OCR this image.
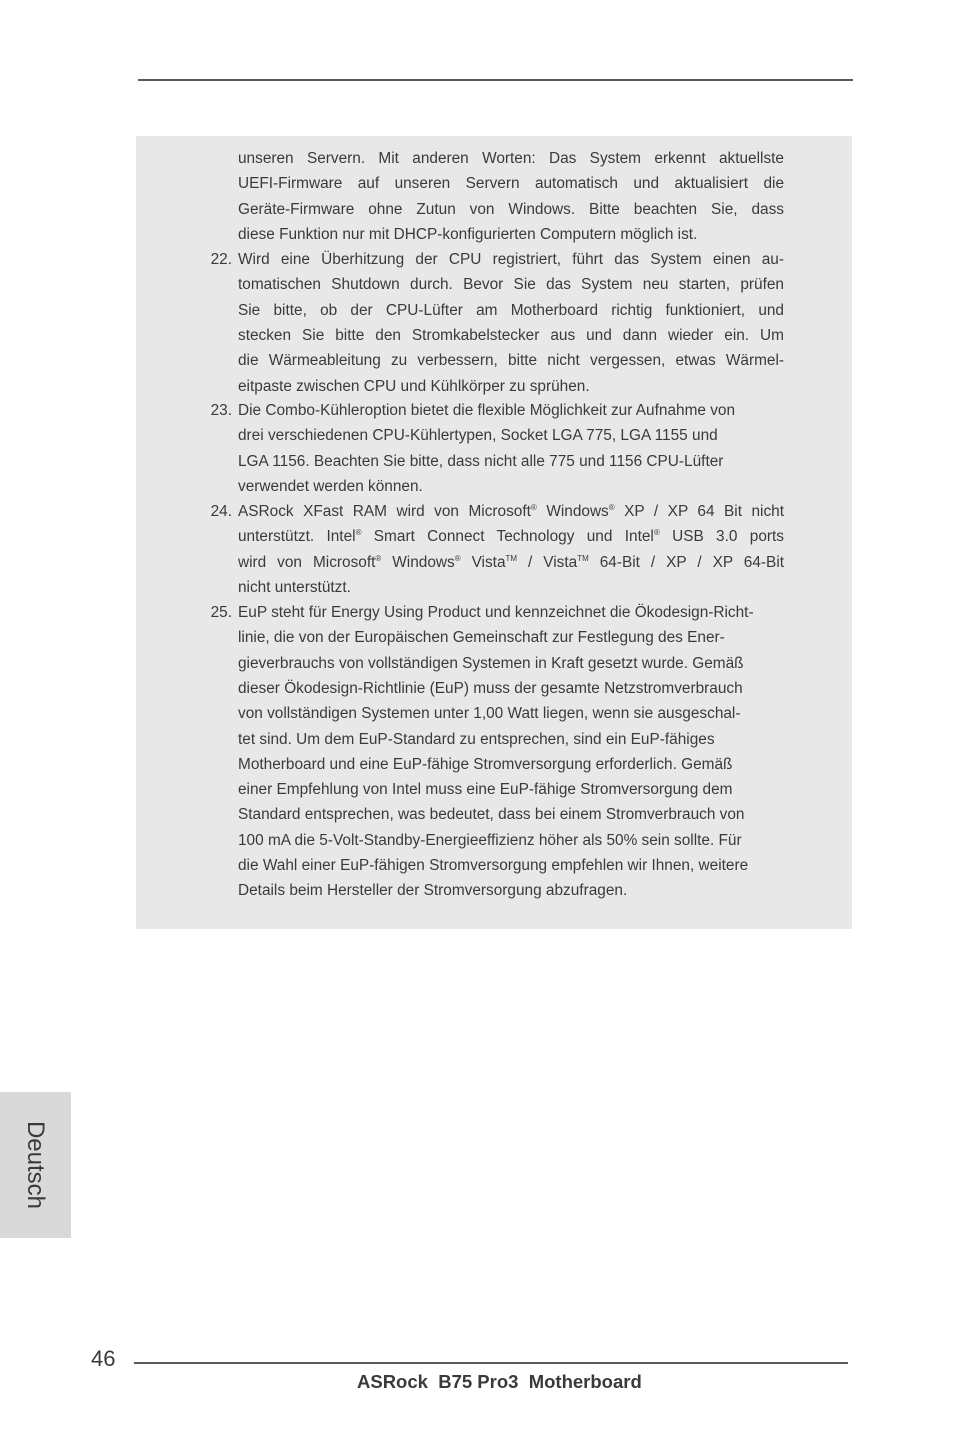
unseren Servern. Mit anderen Worten: Das System erkennt aktuellste
UEFI-Firmware auf unseren Servern automatisch und aktualisiert die
Geräte-Firmware ohne Zutun von Windows. Bitte beachten Sie, dass
diese Funktion nur mit DHCP-konfigurierten Computern möglich ist.
22. Wird eine Überhitzung der CPU registriert, führt das System einen au-
tomatischen Shutdown durch. Bevor Sie das System neu starten, prüfen
Sie bitte, ob der CPU-Lüfter am Motherboard richtig funktioniert, und
stecken Sie bitte den Stromkabelstecker aus und dann wieder ein. Um
die Wärmeableitung zu verbessern, bitte nicht vergessen, etwas Wärmel-
eitpaste zwischen CPU und Kühlkörper zu sprühen.
23. Die Combo-Kühleroption bietet die flexible Möglichkeit zur Aufnahme von
drei verschiedenen CPU-Kühlertypen, Socket LGA 775, LGA 1155 und
LGA 1156. Beachten Sie bitte, dass nicht alle 775 und 1156 CPU-Lüfter
verwendet werden können.
24. ASRock XFast RAM wird von Microsoft® Windows® XP / XP 64 Bit nicht
unterstützt. Intel® Smart Connect Technology und Intel® USB 3.0 ports
wird von Microsoft® Windows® Vista™ / Vista™ 64-Bit / XP / XP 64-Bit
nicht unterstützt.
25. EuP steht für Energy Using Product und kennzeichnet die Ökodesign-Richt-
linie, die von der Europäischen Gemeinschaft zur Festlegung des Ener-
gieverbrauchs von vollständigen Systemen in Kraft gesetzt wurde. Gemäß
dieser Ökodesign-Richtlinie (EuP) muss der gesamte Netzstromverbrauch
von vollständigen Systemen unter 1,00 Watt liegen, wenn sie ausgeschal-
tet sind. Um dem EuP-Standard zu entsprechen, sind ein EuP-fähiges
Motherboard und eine EuP-fähige Stromversorgung erforderlich. Gemäß
einer Empfehlung von Intel muss eine EuP-fähige Stromversorgung dem
Standard entsprechen, was bedeutet, dass bei einem Stromverbrauch von
100 mA die 5-Volt-Standby-Energieeffizienz höher als 50% sein sollte. Für
die Wahl einer EuP-fähigen Stromversorgung empfehlen wir Ihnen, weitere
Details beim Hersteller der Stromversorgung abzufragen.
Deutsch
46
ASRock  B75 Pro3  Motherboard
